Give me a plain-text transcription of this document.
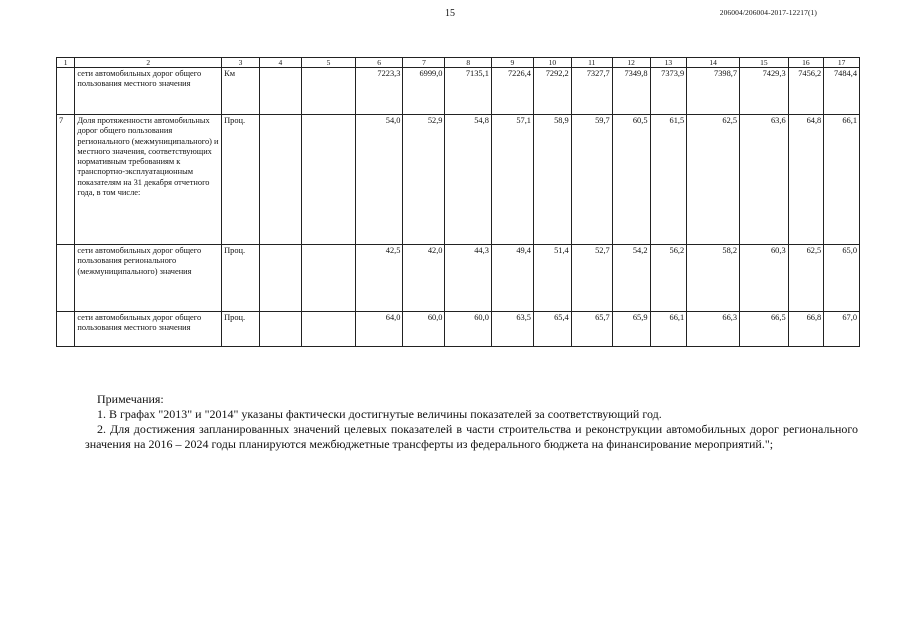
15	206004/206004-2017-12217(1)
1	2	3	4	5	6	7	8	9	10	11	12	13	14	15	16	17
	сети автомобильных дорог общего пользования местного значения	Км			7223,3	6999,0	7135,1	7226,4	7292,2	7327,7	7349,8	7373,9	7398,7	7429,3	7456,2	7484,4
7	Доля протяженности автомобильных дорог общего пользования регионального (межмуниципального) и местного значения, соответствующих нормативным требованиям к транспортно-эксплуатационным показателям на 31 декабря отчетного года, в том числе:	Проц.			54,0	52,9	54,8	57,1	58,9	59,7	60,5	61,5	62,5	63,6	64,8	66,1
	сети автомобильных дорог общего пользования регионального (межмуниципального) значения	Проц.			42,5	42,0	44,3	49,4	51,4	52,7	54,2	56,2	58,2	60,3	62,5	65,0
	сети автомобильных дорог общего пользования местного значения	Проц.			64,0	60,0	60,0	63,5	65,4	65,7	65,9	66,1	66,3	66,5	66,8	67,0
Примечания:
1. В графах "2013" и "2014" указаны фактически достигнутые величины показателей за соответствующий год.
2. Для достижения запланированных значений целевых показателей в части строительства и реконструкции автомобильных дорог регионального значения на 2016 – 2024 годы планируются межбюджетные трансферты из федерального бюджета на финансирование мероприятий.";
